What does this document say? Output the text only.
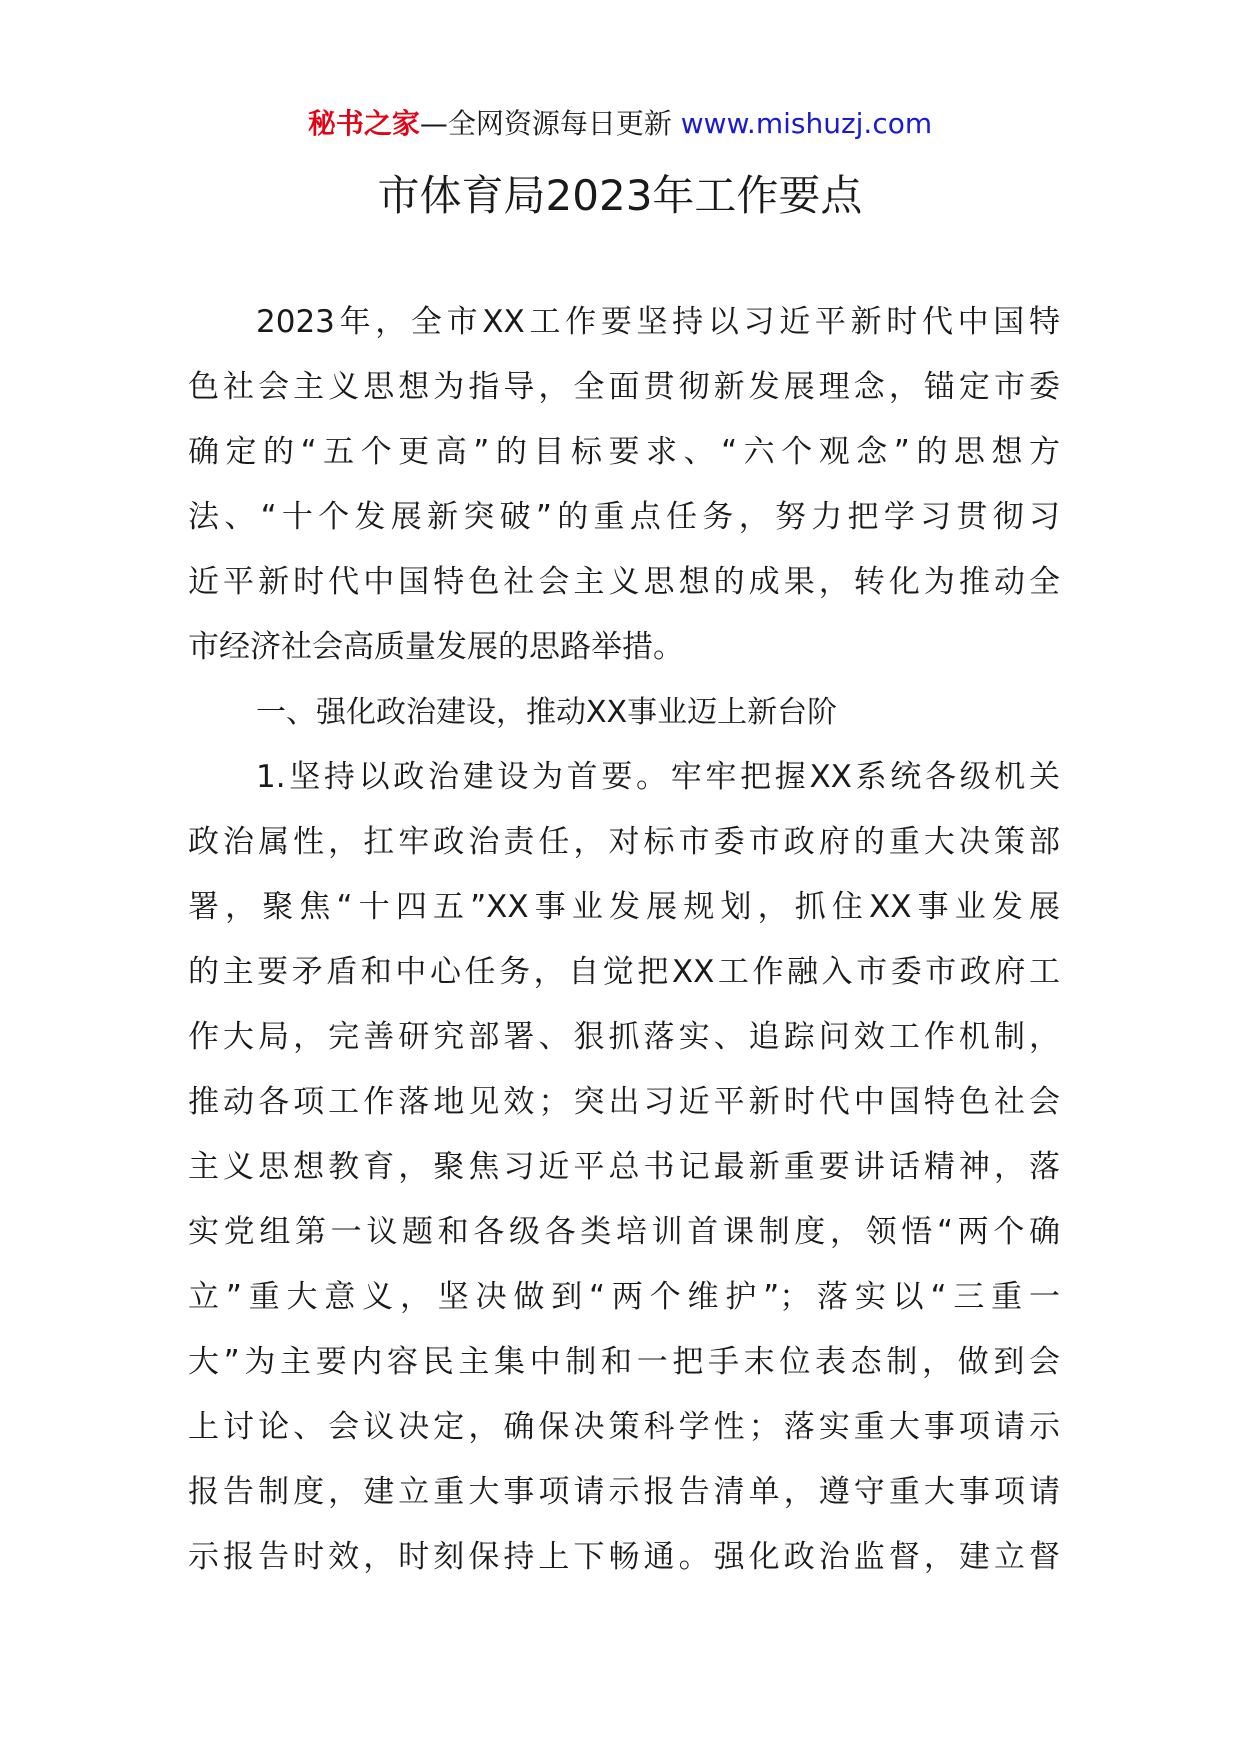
秘书之家—全网资源每日更新 www.mishuzj.com
市体育局2023年工作要点
2023年，全市XX工作要坚持以习近平新时代中国特
色社会主义思想为指导，全面贯彻新发展理念，锚定市委
确定的“五个更高”的目标要求、“六个观念”的思想方
法、“十个发展新突破”的重点任务，努力把学习贯彻习
近平新时代中国特色社会主义思想的成果，转化为推动全
市经济社会高质量发展的思路举措。
一、强化政治建设，推动XX事业迈上新台阶
1.坚持以政治建设为首要。牢牢把握XX系统各级机关
政治属性，扛牢政治责任，对标市委市政府的重大决策部
署，聚焦“十四五”XX事业发展规划，抓住XX事业发展
的主要矛盾和中心任务，自觉把XX工作融入市委市政府工
作大局，完善研究部署、狠抓落实、追踪问效工作机制，
推动各项工作落地见效；突出习近平新时代中国特色社会
主义思想教育，聚焦习近平总书记最新重要讲话精神，落
实党组第一议题和各级各类培训首课制度，领悟“两个确
立”重大意义，坚决做到“两个维护”；落实以“三重一
大”为主要内容民主集中制和一把手末位表态制，做到会
上讨论、会议决定，确保决策科学性；落实重大事项请示
报告制度，建立重大事项请示报告清单，遵守重大事项请
示报告时效，时刻保持上下畅通。强化政治监督，建立督
